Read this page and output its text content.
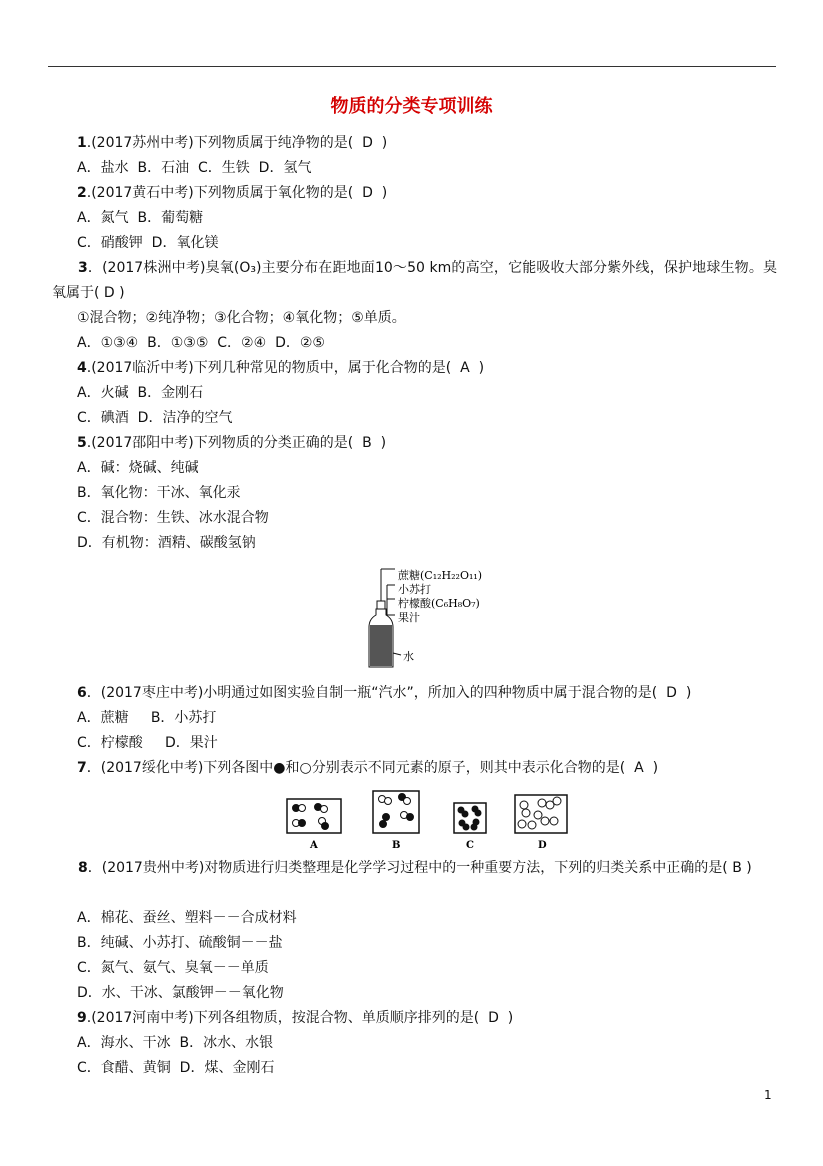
物质的分类专项训练
1.(2017苏州中考)下列物质属于纯净物的是(  D  )
A．盐水  B．石油  C．生铁  D．氢气
2.(2017黄石中考)下列物质属于氧化物的是(  D  )
A．氮气  B．葡萄糖
C．硝酸钾  D．氧化镁
3．(2017株洲中考)臭氧(O₃)主要分布在距地面10～50 km的高空，它能吸收大部分紫外线，保护地球生物。臭氧属于( D )
①混合物；②纯净物；③化合物；④氧化物；⑤单质。
A．①③④  B．①③⑤  C．②④  D．②⑤
4.(2017临沂中考)下列几种常见的物质中，属于化合物的是(  A  )
A．火碱  B．金刚石
C．碘酒  D．洁净的空气
5.(2017邵阳中考)下列物质的分类正确的是(  B  )
A．碱：烧碱、纯碱
B．氧化物：干冰、氧化汞
C．混合物：生铁、冰水混合物
D．有机物：酒精、碳酸氢钠
蔗糖(C₁₂H₂₂O₁₁)
小苏打
柠檬酸(C₆H₈O₇)
果汁
水
6．(2017枣庄中考)小明通过如图实验自制一瓶“汽水”，所加入的四种物质中属于混合物的是(  D  )
A．蔗糖     B．小苏打
C．柠檬酸     D．果汁
7．(2017绥化中考)下列各图中●和○分别表示不同元素的原子，则其中表示化合物的是(  A  )
A	B	C	D
8．(2017贵州中考)对物质进行归类整理是化学学习过程中的一种重要方法，下列的归类关系中正确的是( B )
A．棉花、蚕丝、塑料－－合成材料
B．纯碱、小苏打、硫酸铜－－盐
C．氮气、氨气、臭氧－－单质
D．水、干冰、氯酸钾－－氧化物
9.(2017河南中考)下列各组物质，按混合物、单质顺序排列的是(  D  )
A．海水、干冰  B．冰水、水银
C．食醋、黄铜  D．煤、金刚石
1
